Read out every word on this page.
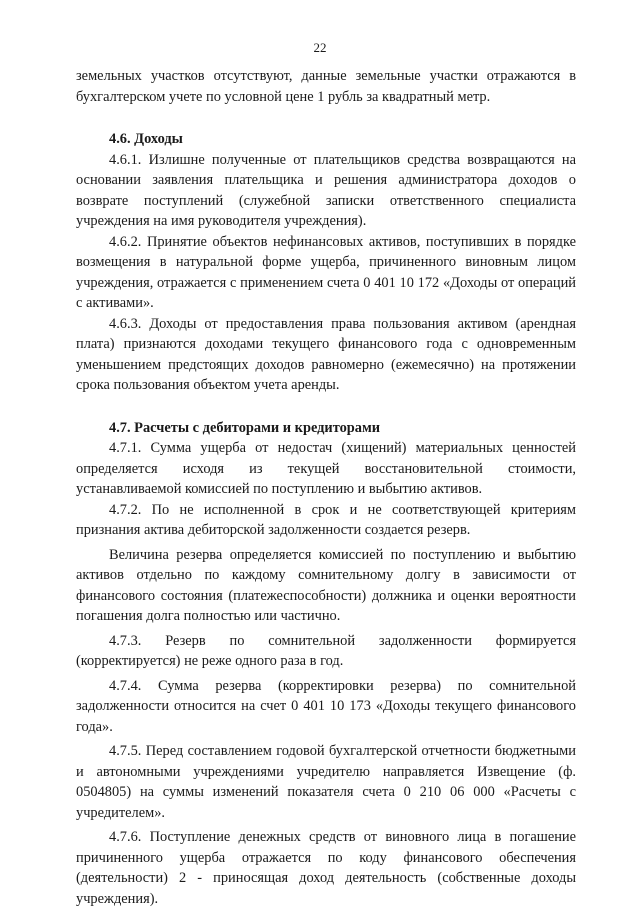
22

земельных участков отсутствуют, данные земельные участки отражаются в бухгалтерском учете по условной цене 1 рубль за квадратный метр.

4.6. Доходы

4.6.1. Излишне полученные от плательщиков средства возвращаются на основании заявления плательщика и решения администратора доходов о возврате поступлений (служебной записки ответственного специалиста учреждения на имя руководителя учреждения).

4.6.2. Принятие объектов нефинансовых активов, поступивших в порядке возмещения в натуральной форме ущерба, причиненного виновным лицом учреждения, отражается с применением счета 0 401 10 172 «Доходы от операций с активами».

4.6.3. Доходы от предоставления права пользования активом (арендная плата) признаются доходами текущего финансового года с одновременным уменьшением предстоящих доходов равномерно (ежемесячно) на протяжении срока пользования объектом учета аренды.

4.7. Расчеты с дебиторами и кредиторами

4.7.1. Сумма ущерба от недостач (хищений) материальных ценностей определяется исходя из текущей восстановительной стоимости, устанавливаемой комиссией по поступлению и выбытию активов.

4.7.2. По не исполненной в срок и не соответствующей критериям признания актива дебиторской задолженности создается резерв.

Величина резерва определяется комиссией по поступлению и выбытию активов отдельно по каждому сомнительному долгу в зависимости от финансового состояния (платежеспособности) должника и оценки вероятности погашения долга полностью или частично.

4.7.3. Резерв по сомнительной задолженности формируется (корректируется) не реже одного раза в год.

4.7.4. Сумма резерва (корректировки резерва) по сомнительной задолженности относится на счет 0 401 10 173 «Доходы текущего финансового года».

4.7.5. Перед составлением годовой бухгалтерской отчетности бюджетными и автономными учреждениями учредителю направляется Извещение (ф. 0504805) на суммы изменений показателя счета 0 210 06 000 «Расчеты с учредителем».

4.7.6. Поступление денежных средств от виновного лица в погашение причиненного ущерба отражается по коду финансового обеспечения (деятельности) 2 - приносящая доход деятельность (собственные доходы учреждения).
